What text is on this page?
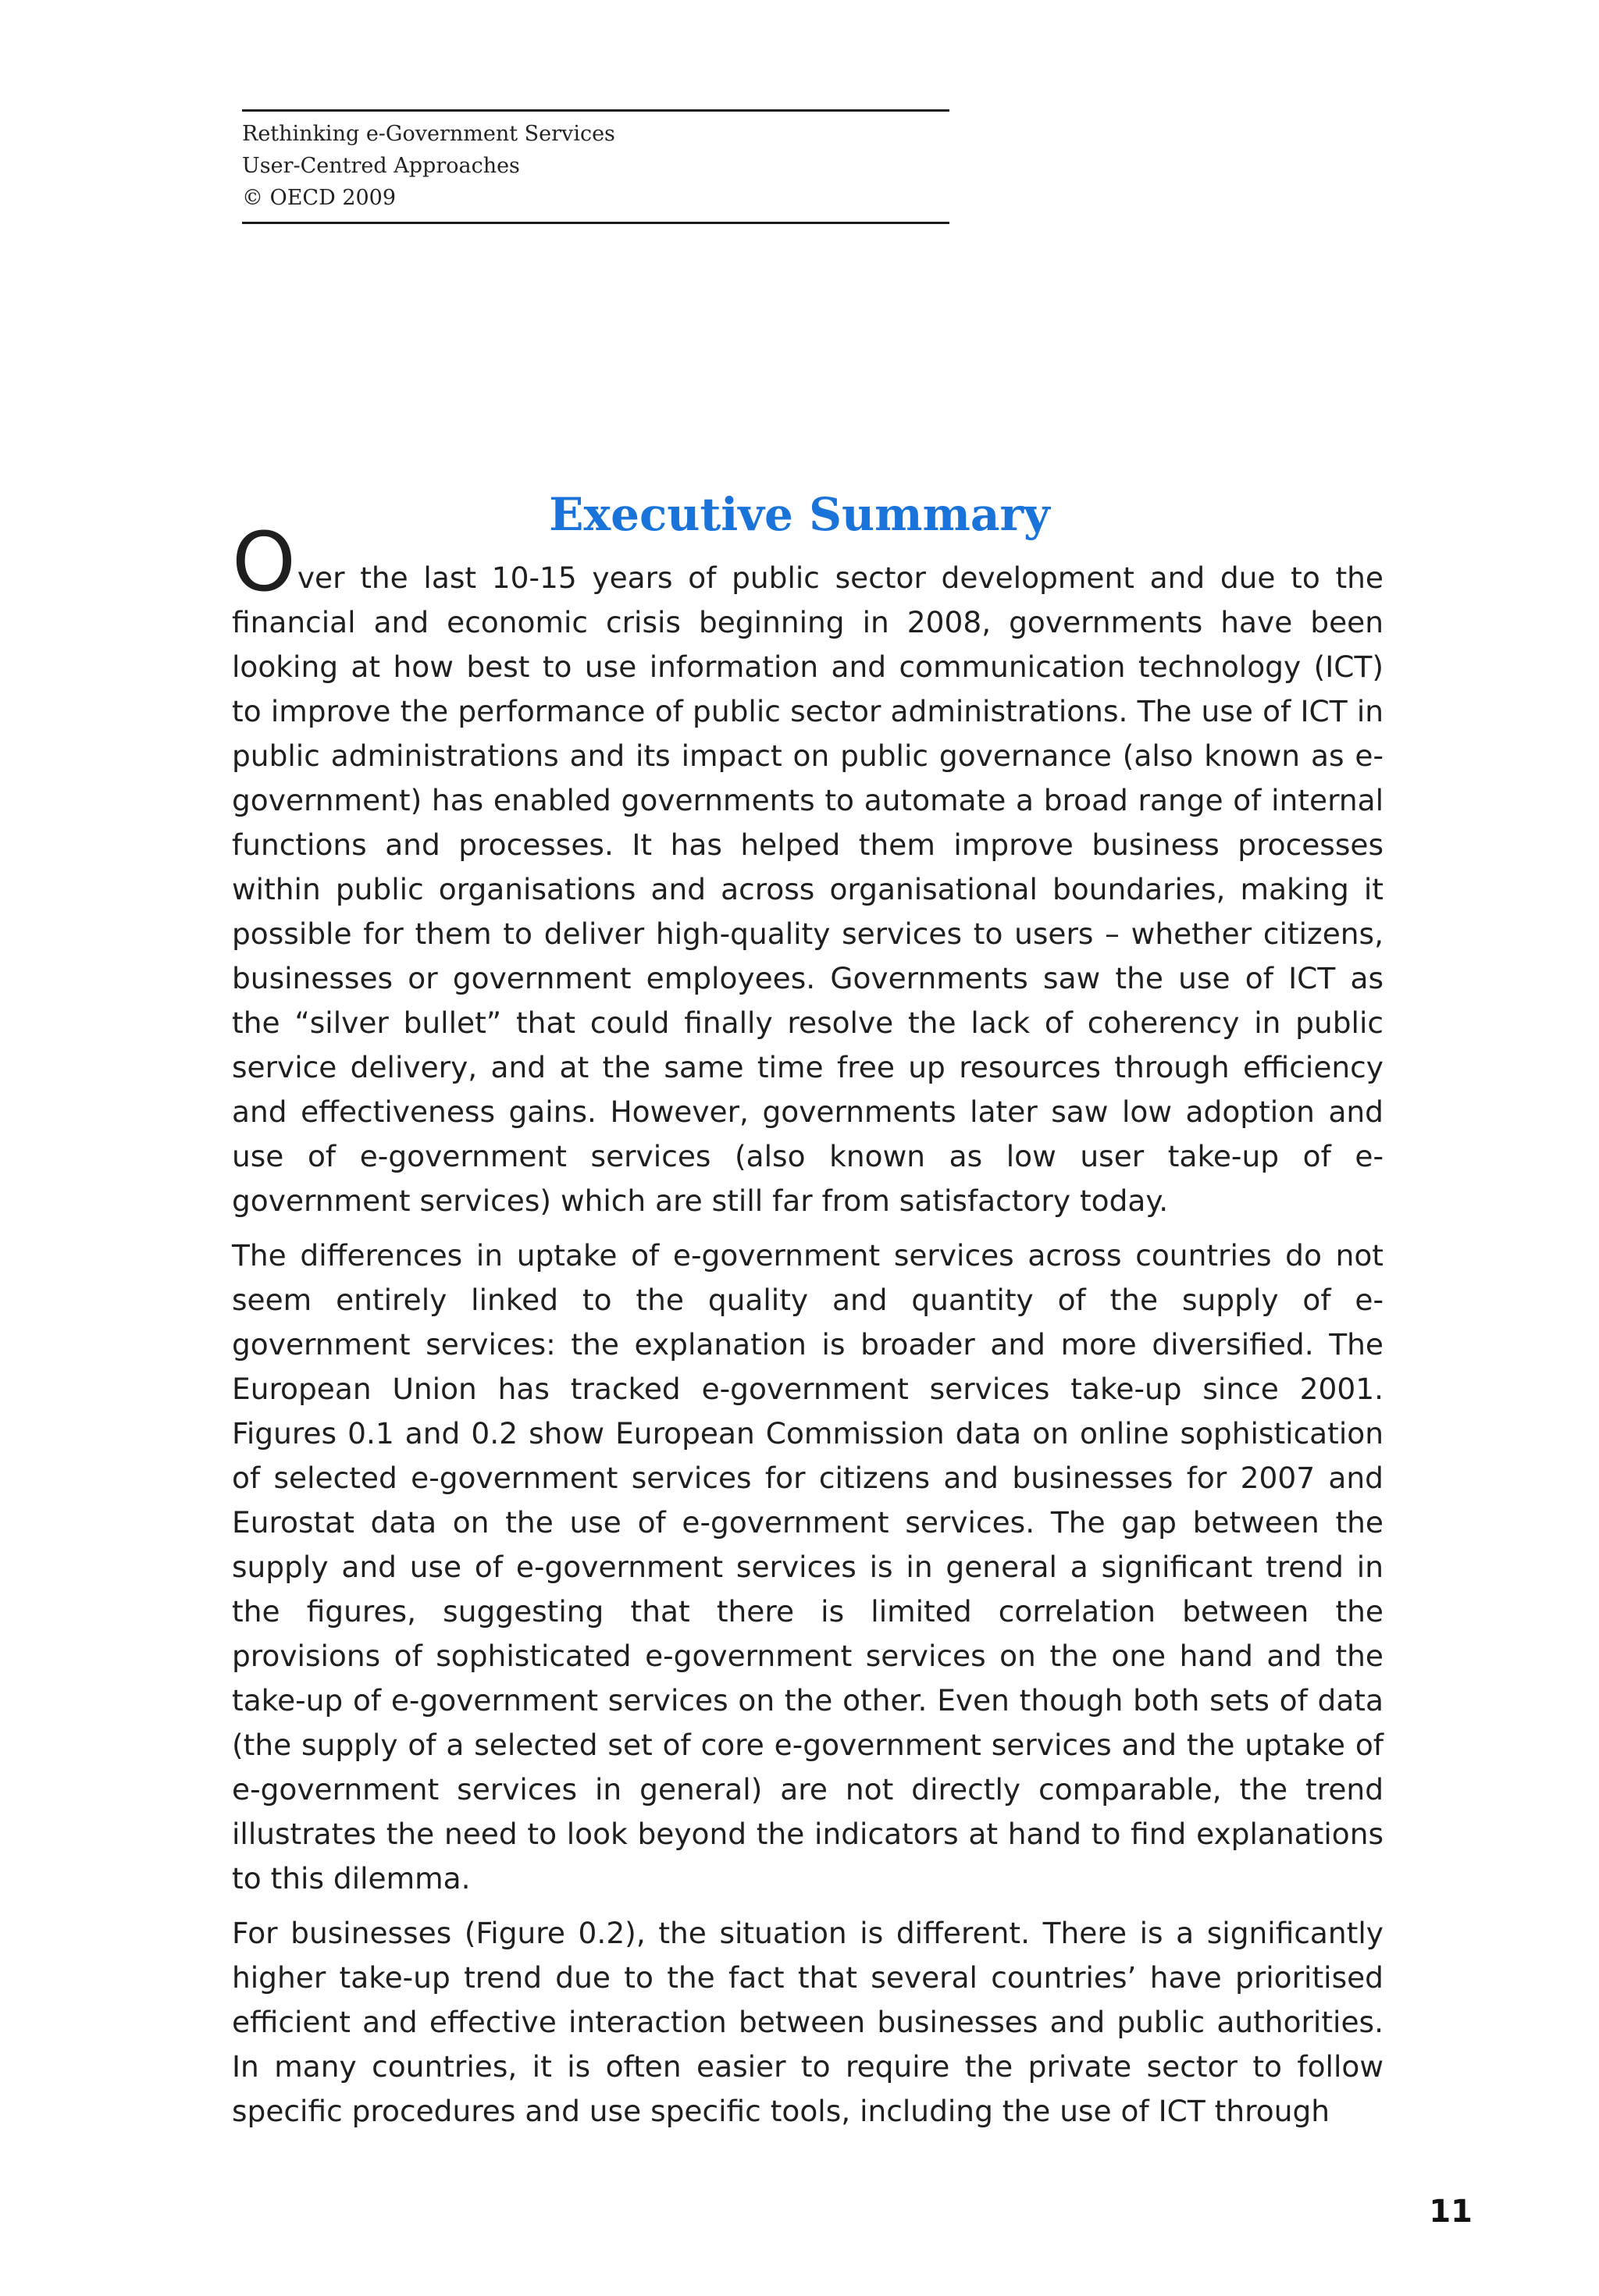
Rethinking e-Government Services
User-Centred Approaches
© OECD 2009
Executive Summary

Over the last 10-15 years of public sector development and due to the financial and economic crisis beginning in 2008, governments have been looking at how best to use information and communication technology (ICT) to improve the performance of public sector administrations. The use of ICT in public administrations and its impact on public governance (also known as e-government) has enabled governments to automate a broad range of internal functions and processes. It has helped them improve business processes within public organisations and across organisational boundaries, making it possible for them to deliver high-quality services to users – whether citizens, businesses or government employees. Governments saw the use of ICT as the “silver bullet” that could finally resolve the lack of coherency in public service delivery, and at the same time free up resources through efficiency and effectiveness gains. However, governments later saw low adoption and use of e-government services (also known as low user take-up of e-government services) which are still far from satisfactory today.

The differences in uptake of e-government services across countries do not seem entirely linked to the quality and quantity of the supply of e-government services: the explanation is broader and more diversified. The European Union has tracked e-government services take-up since 2001. Figures 0.1 and 0.2 show European Commission data on online sophistication of selected e-government services for citizens and businesses for 2007 and Eurostat data on the use of e-government services. The gap between the supply and use of e-government services is in general a significant trend in the figures, suggesting that there is limited correlation between the provisions of sophisticated e-government services on the one hand and the take-up of e-government services on the other. Even though both sets of data (the supply of a selected set of core e-government services and the uptake of e-government services in general) are not directly comparable, the trend illustrates the need to look beyond the indicators at hand to find explanations to this dilemma.

For businesses (Figure 0.2), the situation is different. There is a significantly higher take-up trend due to the fact that several countries’ have prioritised efficient and effective interaction between businesses and public authorities. In many countries, it is often easier to require the private sector to follow specific procedures and use specific tools, including the use of ICT through

11
